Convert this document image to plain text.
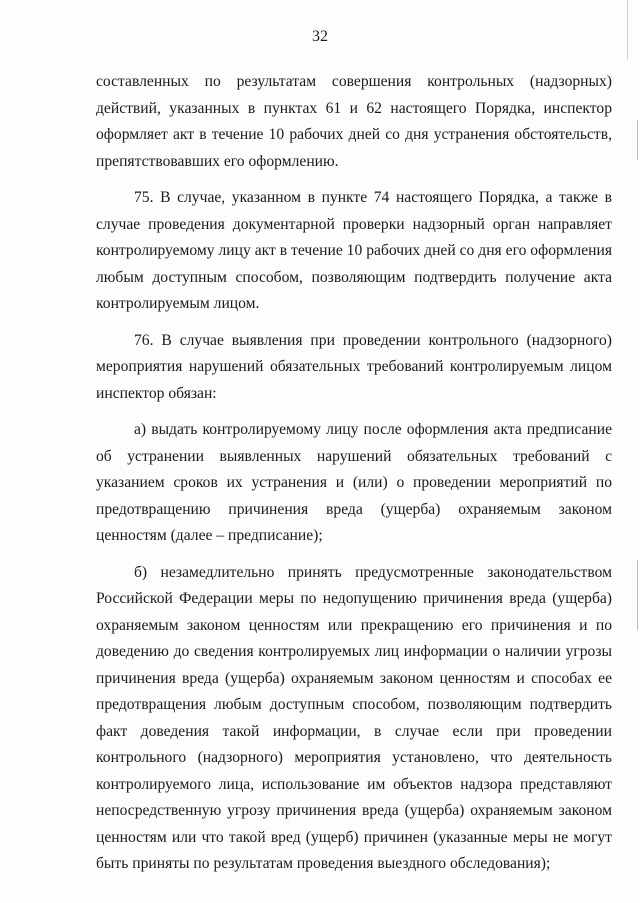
32

составленных по результатам совершения контрольных (надзорных) действий, указанных в пунктах 61 и 62 настоящего Порядка, инспектор оформляет акт в течение 10 рабочих дней со дня устранения обстоятельств, препятствовавших его оформлению.

75. В случае, указанном в пункте 74 настоящего Порядка, а также в случае проведения документарной проверки надзорный орган направляет контролируемому лицу акт в течение 10 рабочих дней со дня его оформления любым доступным способом, позволяющим подтвердить получение акта контролируемым лицом.

76. В случае выявления при проведении контрольного (надзорного) мероприятия нарушений обязательных требований контролируемым лицом инспектор обязан:

а) выдать контролируемому лицу после оформления акта предписание об устранении выявленных нарушений обязательных требований с указанием сроков их устранения и (или) о проведении мероприятий по предотвращению причинения вреда (ущерба) охраняемым законом ценностям (далее – предписание);

б) незамедлительно принять предусмотренные законодательством Российской Федерации меры по недопущению причинения вреда (ущерба) охраняемым законом ценностям или прекращению его причинения и по доведению до сведения контролируемых лиц информации о наличии угрозы причинения вреда (ущерба) охраняемым законом ценностям и способах ее предотвращения любым доступным способом, позволяющим подтвердить факт доведения такой информации, в случае если при проведении контрольного (надзорного) мероприятия установлено, что деятельность контролируемого лица, использование им объектов надзора представляют непосредственную угрозу причинения вреда (ущерба) охраняемым законом ценностям или что такой вред (ущерб) причинен (указанные меры не могут быть приняты по результатам проведения выездного обследования);
